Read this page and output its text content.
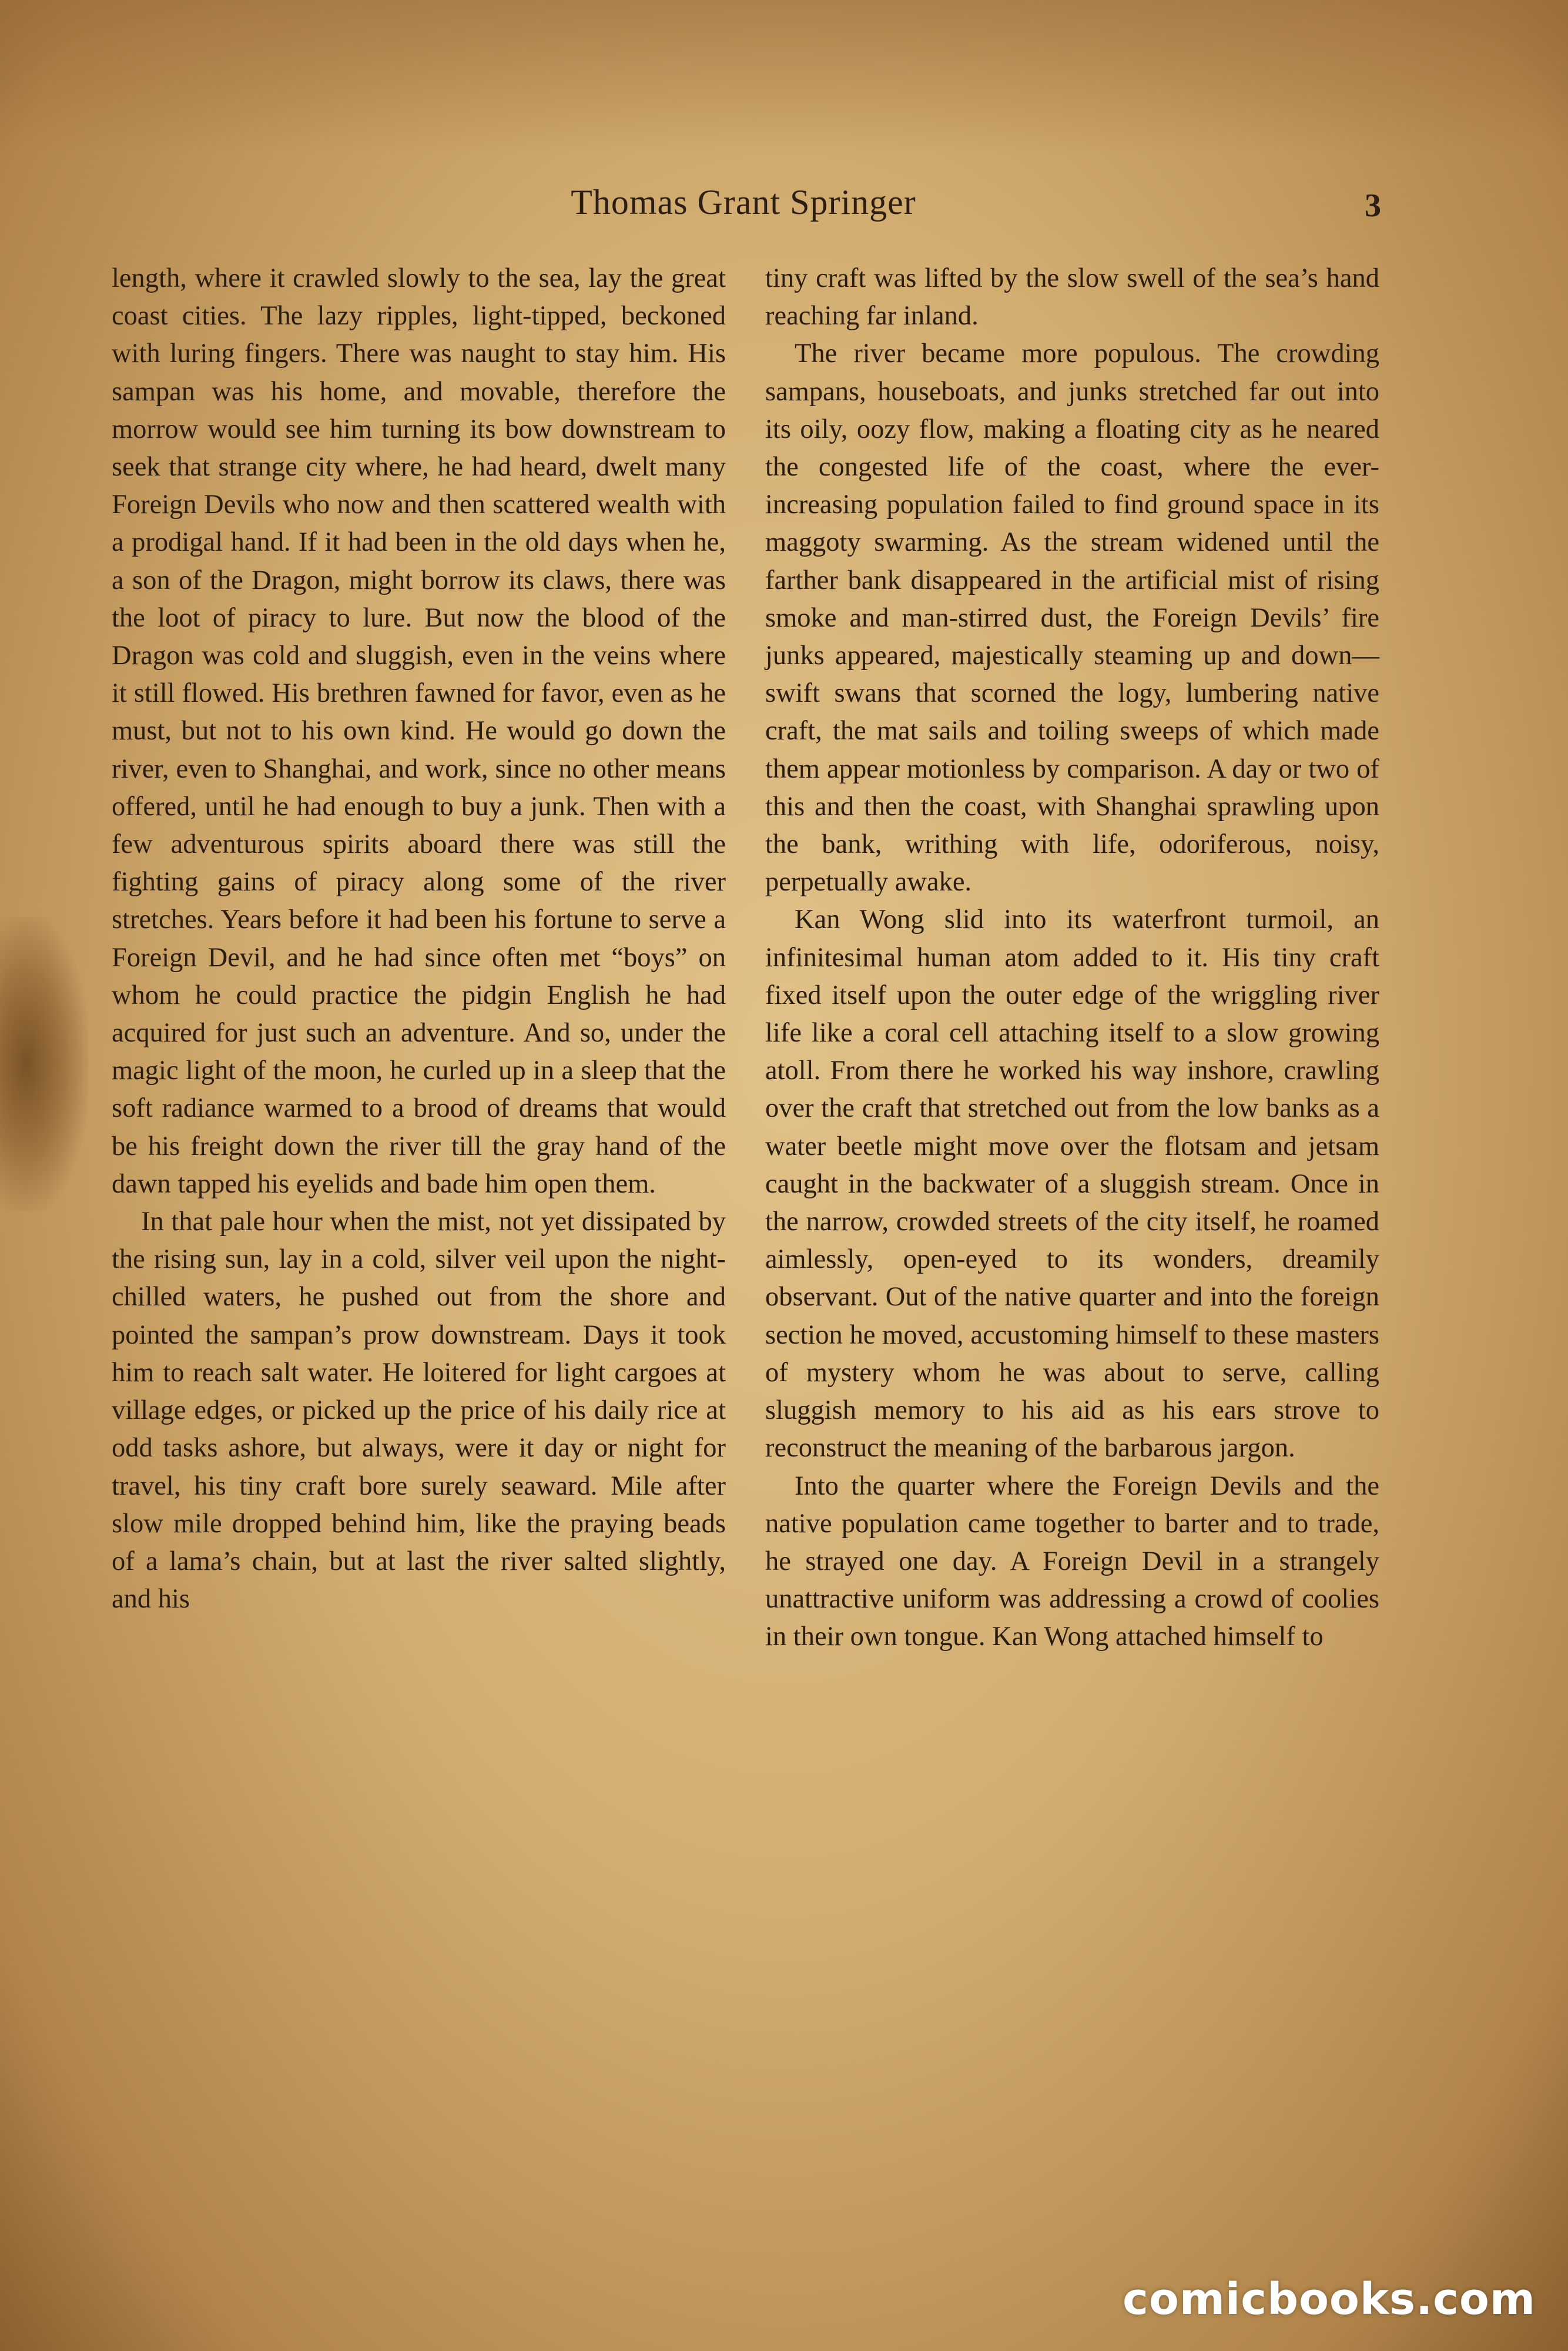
Thomas Grant Springer	3

length, where it crawled slowly to the sea, lay the great coast cities. The lazy ripples, light-tipped, beckoned with luring fingers. There was naught to stay him. His sampan was his home, and movable, therefore the morrow would see him turning its bow downstream to seek that strange city where, he had heard, dwelt many Foreign Devils who now and then scattered wealth with a prodigal hand. If it had been in the old days when he, a son of the Dragon, might borrow its claws, there was the loot of piracy to lure. But now the blood of the Dragon was cold and sluggish, even in the veins where it still flowed. His brethren fawned for favor, even as he must, but not to his own kind. He would go down the river, even to Shanghai, and work, since no other means offered, until he had enough to buy a junk. Then with a few adventurous spirits aboard there was still the fighting gains of piracy along some of the river stretches. Years before it had been his fortune to serve a Foreign Devil, and he had since often met “boys” on whom he could practice the pidgin English he had acquired for just such an adventure. And so, under the magic light of the moon, he curled up in a sleep that the soft radiance warmed to a brood of dreams that would be his freight down the river till the gray hand of the dawn tapped his eyelids and bade him open them.

In that pale hour when the mist, not yet dissipated by the rising sun, lay in a cold, silver veil upon the night-chilled waters, he pushed out from the shore and pointed the sampan’s prow downstream. Days it took him to reach salt water. He loitered for light cargoes at village edges, or picked up the price of his daily rice at odd tasks ashore, but always, were it day or night for travel, his tiny craft bore surely seaward. Mile after slow mile dropped behind him, like the praying beads of a lama’s chain, but at last the river salted slightly, and his

tiny craft was lifted by the slow swell of the sea’s hand reaching far inland.

The river became more populous. The crowding sampans, houseboats, and junks stretched far out into its oily, oozy flow, making a floating city as he neared the congested life of the coast, where the ever-increasing population failed to find ground space in its maggoty swarming. As the stream widened until the farther bank disappeared in the artificial mist of rising smoke and man-stirred dust, the Foreign Devils’ fire junks appeared, majestically steaming up and down—swift swans that scorned the logy, lumbering native craft, the mat sails and toiling sweeps of which made them appear motionless by comparison. A day or two of this and then the coast, with Shanghai sprawling upon the bank, writhing with life, odoriferous, noisy, perpetually awake.

Kan Wong slid into its waterfront turmoil, an infinitesimal human atom added to it. His tiny craft fixed itself upon the outer edge of the wriggling river life like a coral cell attaching itself to a slow growing atoll. From there he worked his way inshore, crawling over the craft that stretched out from the low banks as a water beetle might move over the flotsam and jetsam caught in the backwater of a sluggish stream. Once in the narrow, crowded streets of the city itself, he roamed aimlessly, open-eyed to its wonders, dreamily observant. Out of the native quarter and into the foreign section he moved, accustoming himself to these masters of mystery whom he was about to serve, calling sluggish memory to his aid as his ears strove to reconstruct the meaning of the barbarous jargon.

Into the quarter where the Foreign Devils and the native population came together to barter and to trade, he strayed one day. A Foreign Devil in a strangely unattractive uniform was addressing a crowd of coolies in their own tongue. Kan Wong attached himself to

comicbooks.com
